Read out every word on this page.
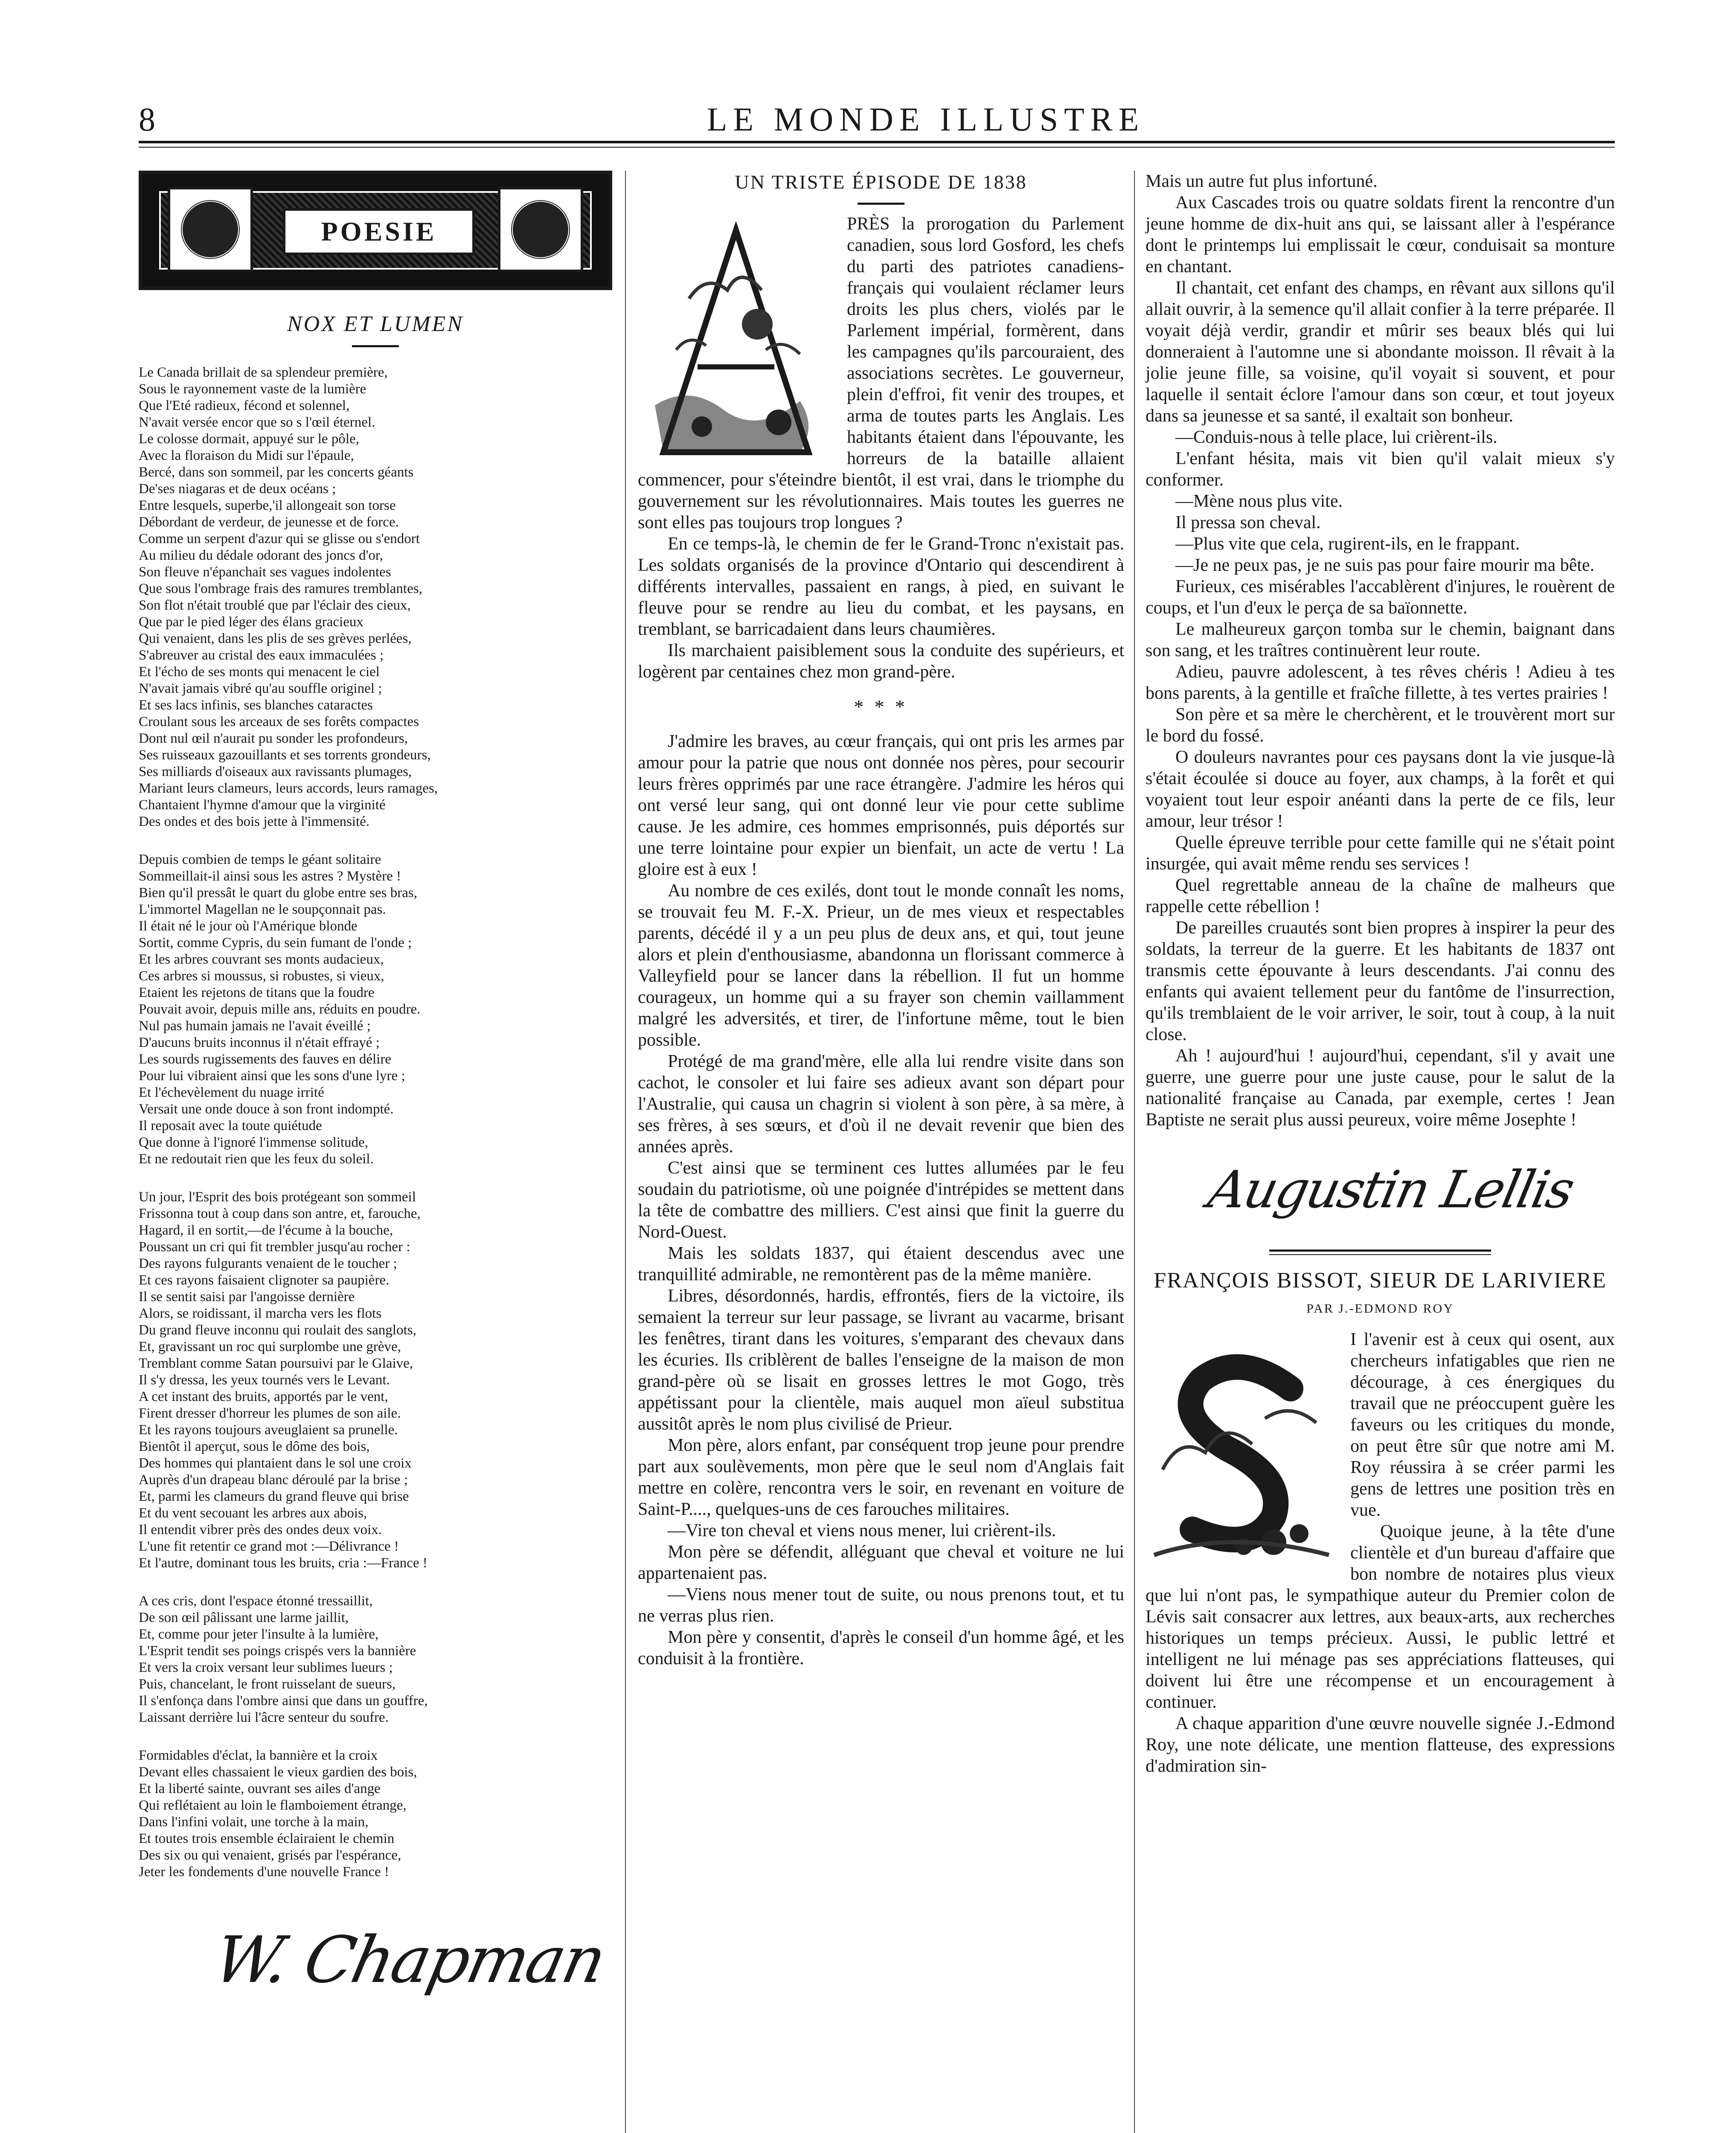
8	LE MONDE ILLUSTRE
POESIE
NOX ET LUMEN
Le Canada brillait de sa splendeur première,
Sous le rayonnement vaste de la lumière
Que l'Eté radieux, fécond et solennel,
N'avait versée encor que so s l'œil éternel.
Le colosse dormait, appuyé sur le pôle,
Avec la floraison du Midi sur l'épaule,
Bercé, dans son sommeil, par les concerts géants
De'ses niagaras et de deux océans ;
Entre lesquels, superbe,'il allongeait son torse
Débordant de verdeur, de jeunesse et de force.
Comme un serpent d'azur qui se glisse ou s'endort
Au milieu du dédale odorant des joncs d'or,
Son fleuve n'épanchait ses vagues indolentes
Que sous l'ombrage frais des ramures tremblantes,
Son flot n'était troublé que par l'éclair des cieux,
Que par le pied léger des élans gracieux
Qui venaient, dans les plis de ses grèves perlées,
S'abreuver au cristal des eaux immaculées ;
Et l'écho de ses monts qui menacent le ciel
N'avait jamais vibré qu'au souffle originel ;
Et ses lacs infinis, ses blanches cataractes
Croulant sous les arceaux de ses forêts compactes
Dont nul œil n'aurait pu sonder les profondeurs,
Ses ruisseaux gazouillants et ses torrents grondeurs,
Ses milliards d'oiseaux aux ravissants plumages,
Mariant leurs clameurs, leurs accords, leurs ramages,
Chantaient l'hymne d'amour que la virginité
Des ondes et des bois jette à l'immensité.
Depuis combien de temps le géant solitaire
Sommeillait-il ainsi sous les astres ? Mystère !
Bien qu'il pressât le quart du globe entre ses bras,
L'immortel Magellan ne le soupçonnait pas.
Il était né le jour où l'Amérique blonde
Sortit, comme Cypris, du sein fumant de l'onde ;
Et les arbres couvrant ses monts audacieux,
Ces arbres si moussus, si robustes, si vieux,
Etaient les rejetons de titans que la foudre
Pouvait avoir, depuis mille ans, réduits en poudre.
Nul pas humain jamais ne l'avait éveillé ;
D'aucuns bruits inconnus il n'était effrayé ;
Les sourds rugissements des fauves en délire
Pour lui vibraient ainsi que les sons d'une lyre ;
Et l'échevèlement du nuage irrité
Versait une onde douce à son front indompté.
Il reposait avec la toute quiétude
Que donne à l'ignoré l'immense solitude,
Et ne redoutait rien que les feux du soleil.
Un jour, l'Esprit des bois protégeant son sommeil
Frissonna tout à coup dans son antre, et, farouche,
Hagard, il en sortit,—de l'écume à la bouche,
Poussant un cri qui fit trembler jusqu'au rocher :
Des rayons fulgurants venaient de le toucher ;
Et ces rayons faisaient clignoter sa paupière.
Il se sentit saisi par l'angoisse dernière
Alors, se roidissant, il marcha vers les flots
Du grand fleuve inconnu qui roulait des sanglots,
Et, gravissant un roc qui surplombe une grève,
Tremblant comme Satan poursuivi par le Glaive,
Il s'y dressa, les yeux tournés vers le Levant.
A cet instant des bruits, apportés par le vent,
Firent dresser d'horreur les plumes de son aile.
Et les rayons toujours aveuglaient sa prunelle.
Bientôt il aperçut, sous le dôme des bois,
Des hommes qui plantaient dans le sol une croix
Auprès d'un drapeau blanc déroulé par la brise ;
Et, parmi les clameurs du grand fleuve qui brise
Et du vent secouant les arbres aux abois,
Il entendit vibrer près des ondes deux voix.
L'une fit retentir ce grand mot :—Délivrance !
Et l'autre, dominant tous les bruits, cria :—France !
A ces cris, dont l'espace étonné tressaillit,
De son œil pâlissant une larme jaillit,
Et, comme pour jeter l'insulte à la lumière,
L'Esprit tendit ses poings crispés vers la bannière
Et vers la croix versant leur sublimes lueurs ;
Puis, chancelant, le front ruisselant de sueurs,
Il s'enfonça dans l'ombre ainsi que dans un gouffre,
Laissant derrière lui l'âcre senteur du soufre.
Formidables d'éclat, la bannière et la croix
Devant elles chassaient le vieux gardien des bois,
Et la liberté sainte, ouvrant ses ailes d'ange
Qui reflétaient au loin le flamboiement étrange,
Dans l'infini volait, une torche à la main,
Et toutes trois ensemble éclairaient le chemin
Des six ou qui venaient, grisés par l'espérance,
Jeter les fondements d'une nouvelle France !
W. Chapman
UN TRISTE ÉPISODE DE 1838

PRÈS la prorogation du Parlement canadien, sous lord Gosford, les chefs du parti des patriotes canadiens-français qui voulaient réclamer leurs droits les plus chers, violés par le Parlement impérial, formèrent, dans les campagnes qu'ils parcouraient, des associations secrètes. Le gouverneur, plein d'effroi, fit venir des troupes, et arma de toutes parts les Anglais. Les habitants étaient dans l'épouvante, les horreurs de la bataille allaient commencer, pour s'éteindre bientôt, il est vrai, dans le triomphe du gouvernement sur les révolutionnaires. Mais toutes les guerres ne sont elles pas toujours trop longues ?

En ce temps-là, le chemin de fer le Grand-Tronc n'existait pas. Les soldats organisés de la province d'Ontario qui descendirent à différents intervalles, passaient en rangs, à pied, en suivant le fleuve pour se rendre au lieu du combat, et les paysans, en tremblant, se barricadaient dans leurs chaumières.

Ils marchaient paisiblement sous la conduite des supérieurs, et logèrent par centaines chez mon grand-père.

* * *

J'admire les braves, au cœur français, qui ont pris les armes par amour pour la patrie que nous ont donnée nos pères, pour secourir leurs frères opprimés par une race étrangère. J'admire les héros qui ont versé leur sang, qui ont donné leur vie pour cette sublime cause. Je les admire, ces hommes emprisonnés, puis déportés sur une terre lointaine pour expier un bienfait, un acte de vertu ! La gloire est à eux !

Au nombre de ces exilés, dont tout le monde connaît les noms, se trouvait feu M. F.-X. Prieur, un de mes vieux et respectables parents, décédé il y a un peu plus de deux ans, et qui, tout jeune alors et plein d'enthousiasme, abandonna un florissant commerce à Valleyfield pour se lancer dans la rébellion. Il fut un homme courageux, un homme qui a su frayer son chemin vaillamment malgré les adversités, et tirer, de l'infortune même, tout le bien possible.

Protégé de ma grand'mère, elle alla lui rendre visite dans son cachot, le consoler et lui faire ses adieux avant son départ pour l'Australie, qui causa un chagrin si violent à son père, à sa mère, à ses frères, à ses sœurs, et d'où il ne devait revenir que bien des années après.

C'est ainsi que se terminent ces luttes allumées par le feu soudain du patriotisme, où une poignée d'intrépides se mettent dans la tête de combattre des milliers. C'est ainsi que finit la guerre du Nord-Ouest.

Mais les soldats 1837, qui étaient descendus avec une tranquillité admirable, ne remontèrent pas de la même manière.

Libres, désordonnés, hardis, effrontés, fiers de la victoire, ils semaient la terreur sur leur passage, se livrant au vacarme, brisant les fenêtres, tirant dans les voitures, s'emparant des chevaux dans les écuries. Ils criblèrent de balles l'enseigne de la maison de mon grand-père où se lisait en grosses lettres le mot Gogo, très appétissant pour la clientèle, mais auquel mon aïeul substitua aussitôt après le nom plus civilisé de Prieur.

Mon père, alors enfant, par conséquent trop jeune pour prendre part aux soulèvements, mon père que le seul nom d'Anglais fait mettre en colère, rencontra vers le soir, en revenant en voiture de Saint-P...., quelques-uns de ces farouches militaires.

—Vire ton cheval et viens nous mener, lui crièrent-ils.

Mon père se défendit, alléguant que cheval et voiture ne lui appartenaient pas.

—Viens nous mener tout de suite, ou nous prenons tout, et tu ne verras plus rien.

Mon père y consentit, d'après le conseil d'un homme âgé, et les conduisit à la frontière.

Mais un autre fut plus infortuné.

Aux Cascades trois ou quatre soldats firent la rencontre d'un jeune homme de dix-huit ans qui, se laissant aller à l'espérance dont le printemps lui emplissait le cœur, conduisait sa monture en chantant.

Il chantait, cet enfant des champs, en rêvant aux sillons qu'il allait ouvrir, à la semence qu'il allait confier à la terre préparée. Il voyait déjà verdir, grandir et mûrir ses beaux blés qui lui donneraient à l'automne une si abondante moisson. Il rêvait à la jolie jeune fille, sa voisine, qu'il voyait si souvent, et pour laquelle il sentait éclore l'amour dans son cœur, et tout joyeux dans sa jeunesse et sa santé, il exaltait son bonheur.

—Conduis-nous à telle place, lui crièrent-ils.

L'enfant hésita, mais vit bien qu'il valait mieux s'y conformer.

—Mène nous plus vite.

Il pressa son cheval.

—Plus vite que cela, rugirent-ils, en le frappant.

—Je ne peux pas, je ne suis pas pour faire mourir ma bête.

Furieux, ces misérables l'accablèrent d'injures, le rouèrent de coups, et l'un d'eux le perça de sa baïonnette.

Le malheureux garçon tomba sur le chemin, baignant dans son sang, et les traîtres continuèrent leur route.

Adieu, pauvre adolescent, à tes rêves chéris ! Adieu à tes bons parents, à la gentille et fraîche fillette, à tes vertes prairies !

Son père et sa mère le cherchèrent, et le trouvèrent mort sur le bord du fossé.

O douleurs navrantes pour ces paysans dont la vie jusque-là s'était écoulée si douce au foyer, aux champs, à la forêt et qui voyaient tout leur espoir anéanti dans la perte de ce fils, leur amour, leur trésor !

Quelle épreuve terrible pour cette famille qui ne s'était point insurgée, qui avait même rendu ses services !

Quel regrettable anneau de la chaîne de malheurs que rappelle cette rébellion !

De pareilles cruautés sont bien propres à inspirer la peur des soldats, la terreur de la guerre. Et les habitants de 1837 ont transmis cette épouvante à leurs descendants. J'ai connu des enfants qui avaient tellement peur du fantôme de l'insurrection, qu'ils tremblaient de le voir arriver, le soir, tout à coup, à la nuit close.

Ah ! aujourd'hui ! aujourd'hui, cependant, s'il y avait une guerre, une guerre pour une juste cause, pour le salut de la nationalité française au Canada, par exemple, certes ! Jean Baptiste ne serait plus aussi peureux, voire même Josephte !

Augustin Lellis
FRANÇOIS BISSOT, SIEUR DE LARIVIERE
PAR J.-EDMOND ROY

I l'avenir est à ceux qui osent, aux chercheurs infatigables que rien ne décourage, à ces énergiques du travail que ne préoccupent guère les faveurs ou les critiques du monde, on peut être sûr que notre ami M. Roy réussira à se créer parmi les gens de lettres une position très en vue.

Quoique jeune, à la tête d'une clientèle et d'un bureau d'affaire que bon nombre de notaires plus vieux que lui n'ont pas, le sympathique auteur du Premier colon de Lévis sait consacrer aux lettres, aux beaux-arts, aux recherches historiques un temps précieux. Aussi, le public lettré et intelligent ne lui ménage pas ses appréciations flatteuses, qui doivent lui être une récompense et un encouragement à continuer.

A chaque apparition d'une œuvre nouvelle signée J.-Edmond Roy, une note délicate, une mention flatteuse, des expressions d'admiration sin-
